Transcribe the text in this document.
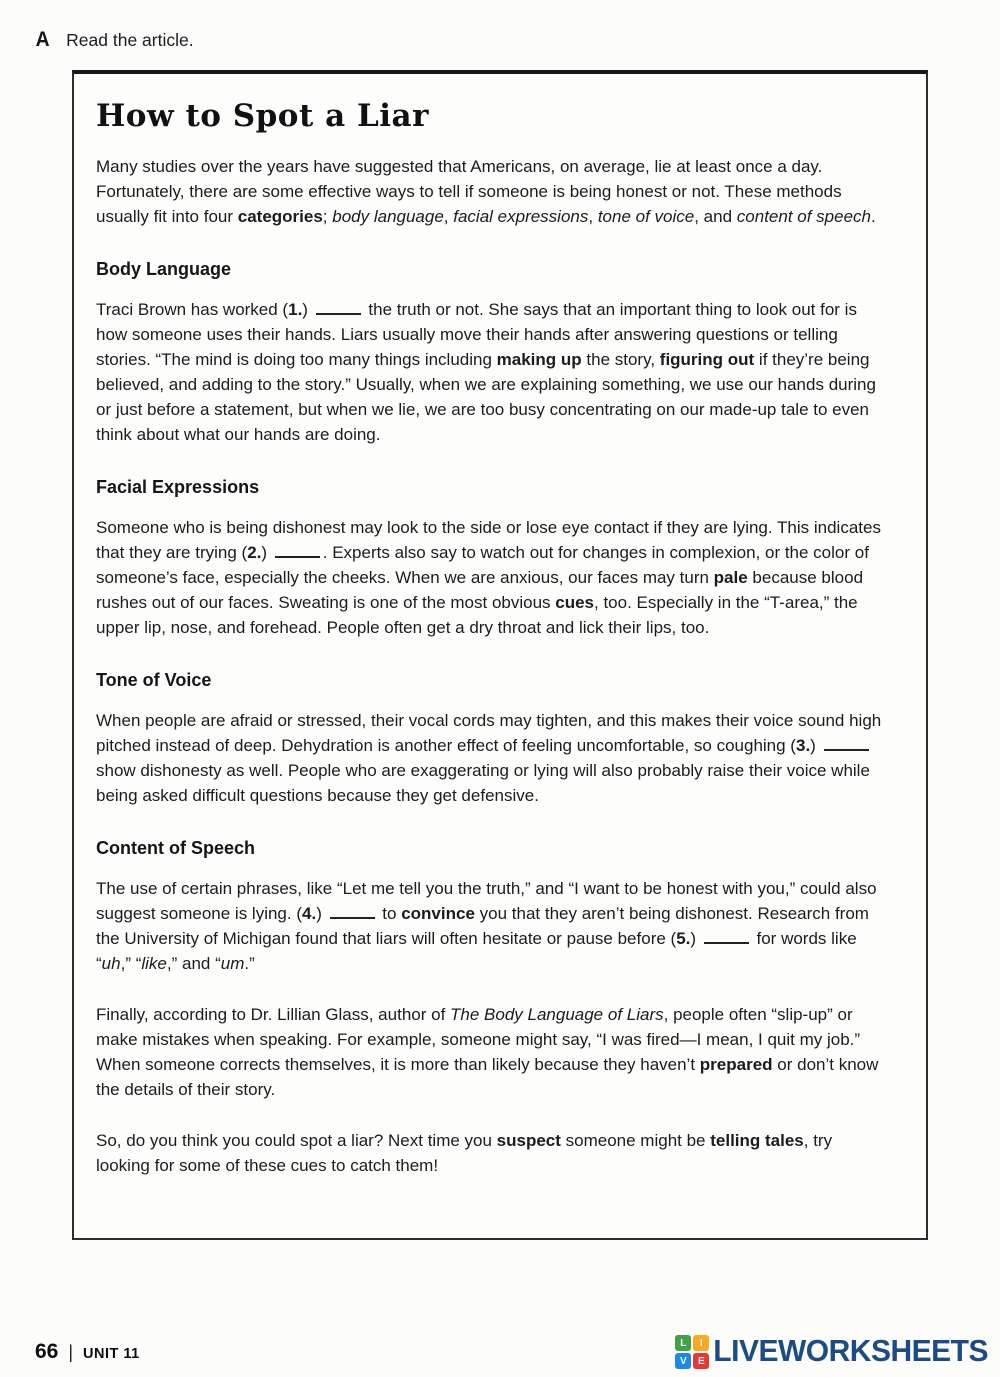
A Read the article.
How to Spot a Liar

Many studies over the years have suggested that Americans, on average, lie at least once a day. Fortunately, there are some effective ways to tell if someone is being honest or not. These methods usually fit into four categories; body language, facial expressions, tone of voice, and content of speech.

Body Language

Traci Brown has worked (1.)	the truth or not. She says that an important thing to look out for is how someone uses their hands. Liars usually move their hands after answering questions or telling stories. “The mind is doing too many things including making up the story, figuring out if they’re being believed, and adding to the story.” Usually, when we are explaining something, we use our hands during or just before a statement, but when we lie, we are too busy concentrating on our made-up tale to even think about what our hands are doing.

Facial Expressions

Someone who is being dishonest may look to the side or lose eye contact if they are lying. This indicates that they are trying (2.)	. Experts also say to watch out for changes in complexion, or the color of someone’s face, especially the cheeks. When we are anxious, our faces may turn pale because blood rushes out of our faces. Sweating is one of the most obvious cues, too. Especially in the “T-area,” the upper lip, nose, and forehead. People often get a dry throat and lick their lips, too.

Tone of Voice

When people are afraid or stressed, their vocal cords may tighten, and this makes their voice sound high pitched instead of deep. Dehydration is another effect of feeling uncomfortable, so coughing (3.)  show dishonesty as well. People who are exaggerating or lying will also probably raise their voice while being asked difficult questions because they get defensive.

Content of Speech

The use of certain phrases, like “Let me tell you the truth,” and “I want to be honest with you,” could also suggest someone is lying. (4.)	to convince you that they aren’t being dishonest. Research from the University of Michigan found that liars will often hesitate or pause before (5.)	for words like “uh,” “like,” and “um.”

Finally, according to Dr. Lillian Glass, author of The Body Language of Liars, people often “slip-up” or make mistakes when speaking. For example, someone might say, “I was fired—I mean, I quit my job.” When someone corrects themselves, it is more than likely because they haven’t prepared or don’t know the details of their story.

So, do you think you could spot a liar? Next time you suspect someone might be telling tales, try looking for some of these cues to catch them!

66 | UNIT 11
L	I
V	E LIVEWORKSHEETS
